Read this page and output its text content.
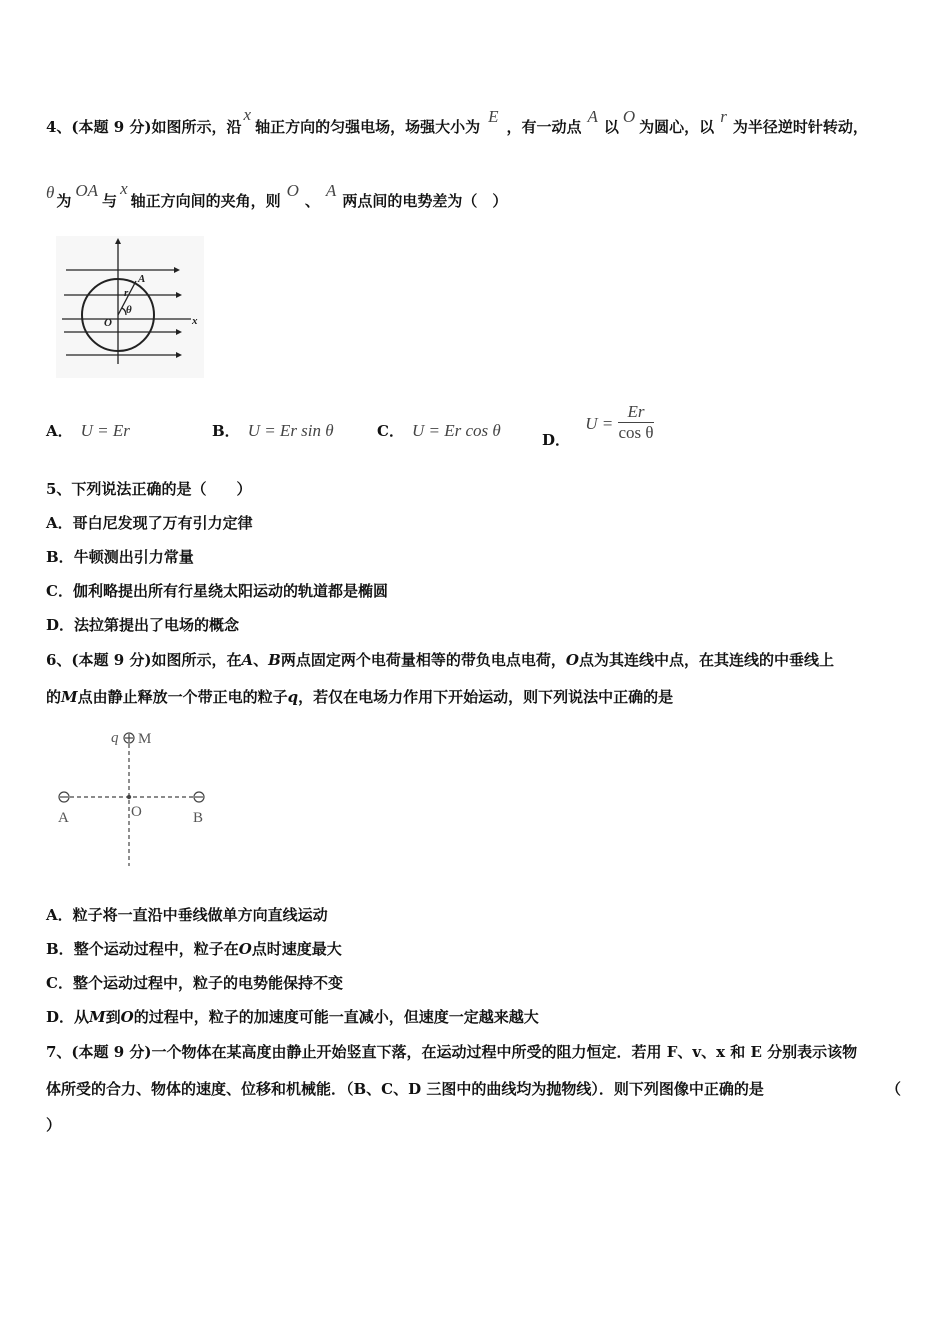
4、(本题 9 分)如图所示，沿x轴正方向的匀强电场，场强大小为E，有一动点A以O为圆心，以r为半径逆时针转动，
θ 为OA与x轴正方向间的夹角，则O、A两点间的电势差为（　）
A
r
O
θ
x
A． U = Er	B． U = Er sin θ	C． U = Er cos θ	D． $U = \frac{Er}{\text{cos θ}}$
5、下列说法正确的是（　　）
A．哥白尼发现了万有引力定律
B．牛顿测出引力常量
C．伽利略提出所有行星绕太阳运动的轨道都是椭圆
D．法拉第提出了电场的概念
6、(本题 9 分)如图所示，在A、B两点固定两个电荷量相等的带负电点电荷，O点为其连线中点，在其连线的中垂线上
的M点由静止释放一个带正电的粒子q，若仅在电场力作用下开始运动，则下列说法中正确的是
q M
A	O	B
A．粒子将一直沿中垂线做单方向直线运动
B．整个运动过程中，粒子在O点时速度最大
C．整个运动过程中，粒子的电势能保持不变
D．从M到O的过程中，粒子的加速度可能一直减小，但速度一定越来越大
7、(本题 9 分)一个物体在某高度由静止开始竖直下落，在运动过程中所受的阻力恒定．若用 F、v、x 和 E 分别表示该物
体所受的合力、物体的速度、位移和机械能．（B、C、D 三图中的曲线均为抛物线）．则下列图像中正确的是	（
）
